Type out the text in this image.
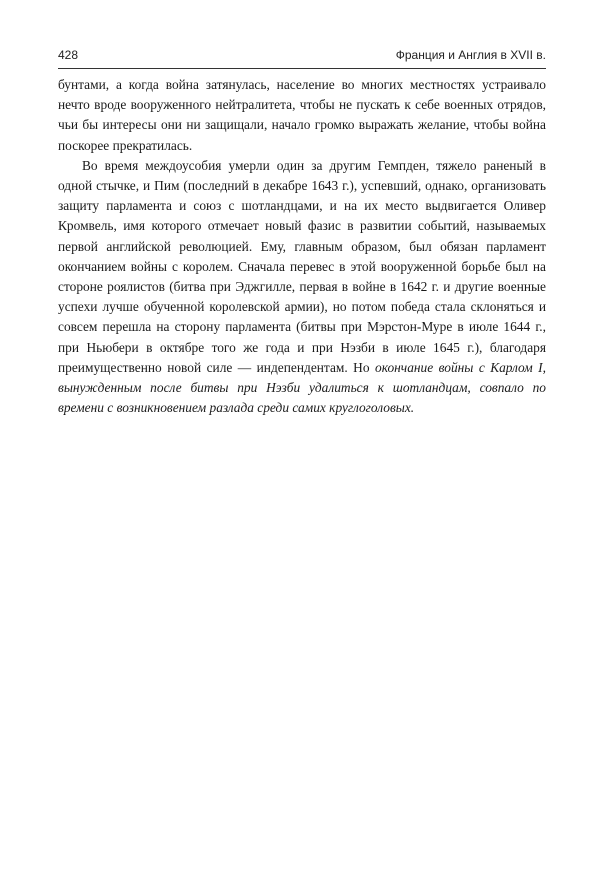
428	Франция и Англия в XVII в.

бунтами, а когда война затянулась, население во многих местностях устраивало нечто вроде вооруженного нейтралитета, чтобы не пускать к себе военных отрядов, чьи бы интересы они ни защищали, начало громко выражать желание, чтобы война поскорее прекратилась.

Во время междоусобия умерли один за другим Гемпден, тяжело раненый в одной стычке, и Пим (последний в декабре 1643 г.), успевший, однако, организовать защиту парламента и союз с шотландцами, и на их место выдвигается Оливер Кромвель, имя которого отмечает новый фазис в развитии событий, называемых первой английской революцией. Ему, главным образом, был обязан парламент окончанием войны с королем. Сначала перевес в этой вооруженной борьбе был на стороне роялистов (битва при Эджгилле, первая в войне в 1642 г. и другие военные успехи лучше обученной королевской армии), но потом победа стала склоняться и совсем перешла на сторону парламента (битвы при Мэрстон-Муре в июле 1644 г., при Ньюбери в октябре того же года и при Нэзби в июле 1645 г.), благодаря преимущественно новой силе — индепендентам. Но окончание войны с Карлом I, вынужденным после битвы при Нэзби удалиться к шотландцам, совпало по времени с возникновением разлада среди самих круглоголовых.
